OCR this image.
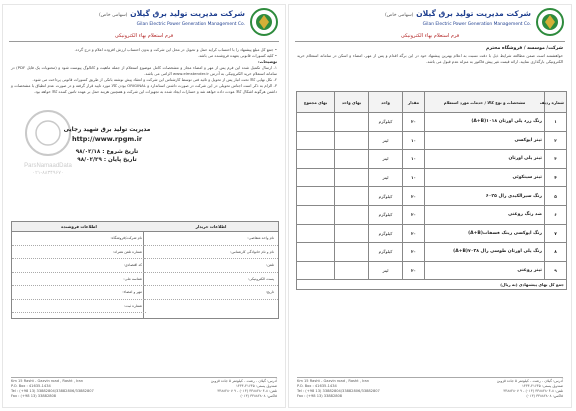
شرکت مدیریت تولید برق گیلان (سهامی خاص)
Gilan Electric Power Generation Management Co.
فرم استعلام بهاء الکترونیکی
شرکت/ موسسه / فروشگاه محترم
خواهشمند است ضمن مطالعه شرایط ذیل با دقت نسبت به اعلام بهترین پیشنهاد خود در این برگه اقدام و پس از مهر، امضاء و اسکن در سامانه استعلام خرید الکترونیکی بارگذاری نمایید. ارائه قیمت غیر پیش فاکتور به منزله عدم قبول می باشد.
شماره ردیف	مشخصات و نوع کالا / خدمات مورد استعلام	مقدار	واحد	بهای واحد	بهای مجموع
۱	رنگ زرد پلی اورتان ۱۰۱۸(A+B)	۲۰	کیلوگرم		
۲	تینر اپوکسی	۱۰	لیتر		
۳	تینر پلی اورتان	۱۰	لیتر		
۴	تینر سینکوئی	۱۰	لیتر		
۵	رنگ سیزالکیدی رال ۶۰۲۵	۲۰	کیلوگرم		
۶	ضد رنگ روغنی	۲۰	کیلوگرم		
۷	رنگ اپوکسی زینک فسفات(A+B)	۲۰	کیلوگرم		
۸	رنگ پلی اورتان طوسی رال ۷۰۳۸(A+B)	۲۰	کیلوگرم		
۹	تینر روغنی	۲۰	لیتر		
جمع کل بهای پیشنهادی (به ریال)					
آدرس: گیلان - رشت - کیلومتر ۵ جاده قزوین
صندوق پستی: ۴۱۶۳۵-۱۴۳۴
تلفن: ۸-۳۳۸۸۲۸۰۴ (۰۱۳) - ۹ ۳۳۸۸۲۸۰۷
فاکس: ۳۳۸۸۲۸۰۸ (۰۱۳)
Km 15 Rasht - Gazvin road , Rasht , Iran
P.O. Box : 41635-1434
Tel : (+98 13) 33882804/33882806/33882807
Fax : (+98 13) 33882808
شرکت مدیریت تولید برق گیلان (سهامی خاص)
Gilan Electric Power Generation Management Co.
فرم استعلام بهاء الکترونیکی
• جمع کل مبلغ پیشنهاد را با احتساب کرایه حمل و تحویل در محل این شرکت و بدون احتساب ارزش افزوده اعلام و درج گردد.
• کلیه کسورات قانونی بعهده فروشنده می باشد.
توضیحات:
۱- ارسال تکمیل شده این فرم پس از مهر و امضاء مجاز و مشخصات کامل موضوع استعلام از جمله ماهیت و کاتالوگ پیوست شود و (محتویات یک فایل PDF) در سامانه استعلام خرید الکترونیکی به آدرس www.elmstender.ir الزامی می باشد.
۲- نکل نهایی کالا تحت انبار پس از تحویل و تائید فنی توسط کارشناس این شرکت و انعقاد پیش نوشته بانکی از طریق کسورات قانونی پرداخت می شود.
۳- الزام به ذکر است اجناس تحویلی در این شرکت در صورت داشتن استاندارد و ORIGINAL بودن کالا مورد تایید قرار گرفته و در صورت عدم انطباق با مشخصات و داشتن هرگونه اشکال کالا عودت داده خواهد شد و خسارات ایجاد شده به تجهیزات این شرکت و همچنین هزینه حمل بر عهده تامین کننده کالا خواهد بود.
ParsNamaadData
۰۲۱-۸۸۳۴۹۶۷۰
مدیریت تولید برق شهید رجایی
http://www.rpgm.ir
تاریخ شروع : ۹۸/۰۲/۱۸
تاریخ پایان : ۹۸/۰۲/۲۹
اطلاعات خریدار
نام واحد متقاضی:
نام و نام خانوادگی کارشناس:
تلفن:
پست الکترونیکی:
تاریخ:
اطلاعات فروشنده
نام شرکت/فروشگاه:
شماره تلفن همراه:
کد اقتصادی:
شناسه ملی:
مهر و امضاء:
شماره ثبت:
آدرس: گیلان - رشت - کیلومتر ۵ جاده قزوین
صندوق پستی: ۴۱۶۳۵-۱۴۳۴
تلفن: ۸-۳۳۸۸۲۸۰۴ (۰۱۳) - ۹ ۳۳۸۸۲۸۰۷
فاکس: ۳۳۸۸۲۸۰۸ (۰۱۳)
Km 15 Rasht - Gazvin road , Rasht , Iran
P.O. Box : 41635-1434
Tel : (+98 13) 33882804/33882806/33882807
Fax : (+98 13) 33882808
